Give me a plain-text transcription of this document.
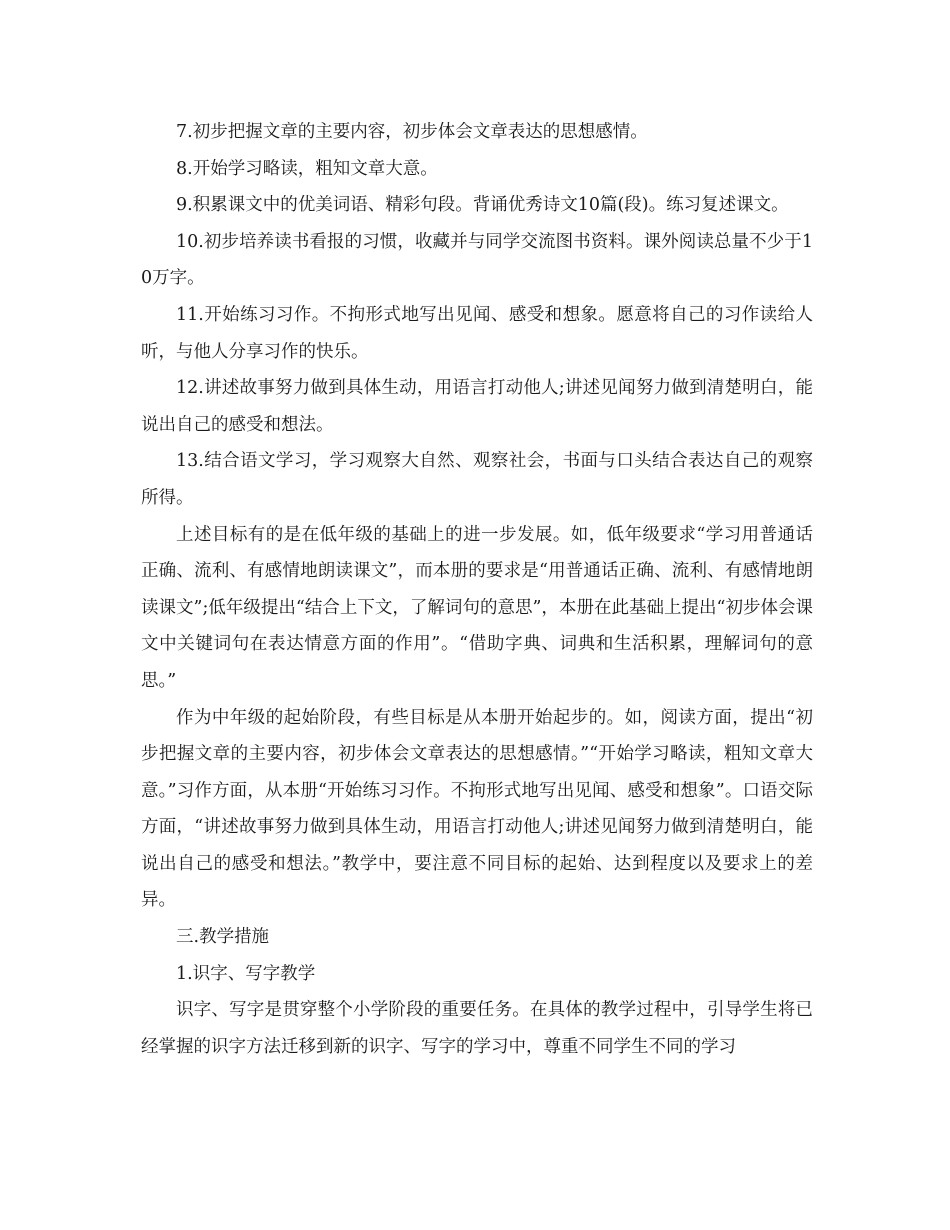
7.初步把握文章的主要内容，初步体会文章表达的思想感情。

8.开始学习略读，粗知文章大意。

9.积累课文中的优美词语、精彩句段。背诵优秀诗文10篇(段)。练习复述课文。

10.初步培养读书看报的习惯，收藏并与同学交流图书资料。课外阅读总量不少于10万字。

11.开始练习习作。不拘形式地写出见闻、感受和想象。愿意将自己的习作读给人听，与他人分享习作的快乐。

12.讲述故事努力做到具体生动，用语言打动他人;讲述见闻努力做到清楚明白，能说出自己的感受和想法。

13.结合语文学习，学习观察大自然、观察社会，书面与口头结合表达自己的观察所得。

上述目标有的是在低年级的基础上的进一步发展。如，低年级要求“学习用普通话正确、流利、有感情地朗读课文”，而本册的要求是“用普通话正确、流利、有感情地朗读课文”;低年级提出“结合上下文，了解词句的意思”，本册在此基础上提出“初步体会课文中关键词句在表达情意方面的作用”。“借助字典、词典和生活积累，理解词句的意思。”

作为中年级的起始阶段，有些目标是从本册开始起步的。如，阅读方面，提出“初步把握文章的主要内容，初步体会文章表达的思想感情。”“开始学习略读，粗知文章大意。”习作方面，从本册“开始练习习作。不拘形式地写出见闻、感受和想象”。口语交际方面，“讲述故事努力做到具体生动，用语言打动他人;讲述见闻努力做到清楚明白，能说出自己的感受和想法。”教学中，要注意不同目标的起始、达到程度以及要求上的差异。

三.教学措施

1.识字、写字教学

识字、写字是贯穿整个小学阶段的重要任务。在具体的教学过程中，引导学生将已经掌握的识字方法迁移到新的识字、写字的学习中，尊重不同学生不同的学习
